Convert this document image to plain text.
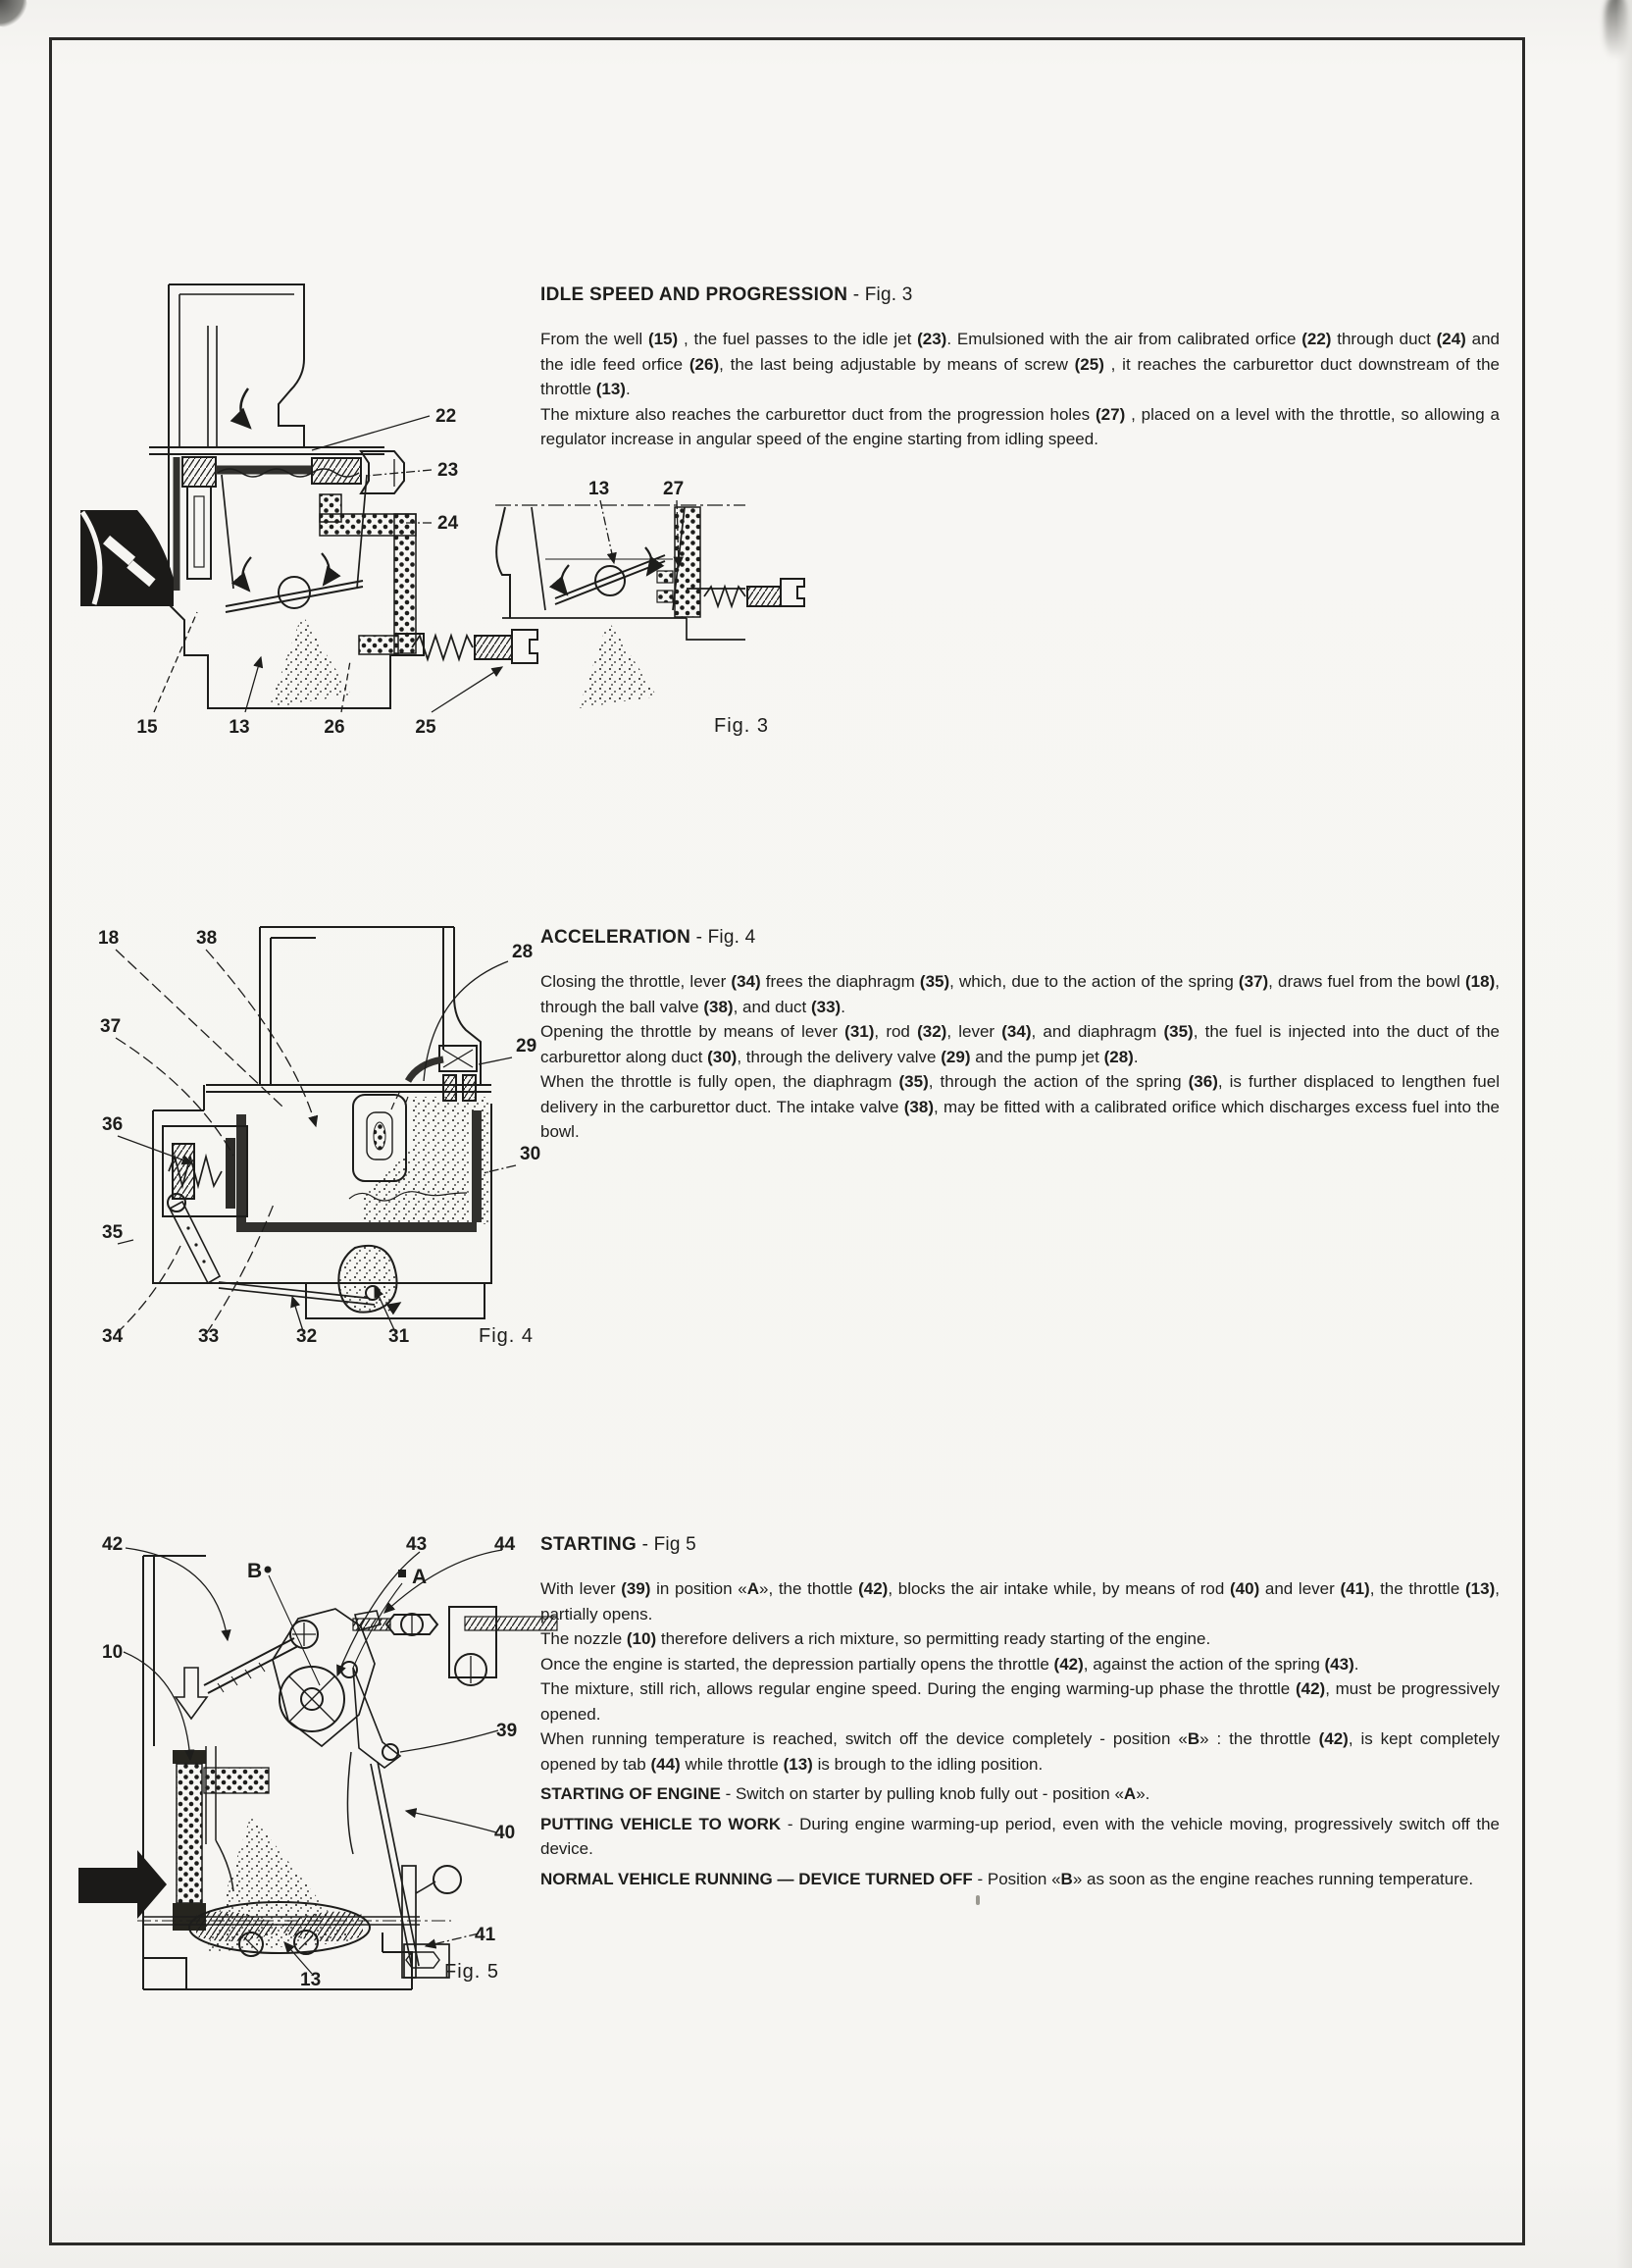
22
23
24
15	13	26	25
13	27
Fig. 3
18	38
28
37
29
36
30
35
34	33	32	31	Fig. 4
B	A
42	43	44
10
39
40
41
13	Fig. 5
IDLE SPEED AND PROGRESSION - Fig. 3

From the well (15) , the fuel passes to the idle jet (23). Emulsioned with the air from calibrated orfice (22) through duct (24) and the idle feed orfice (26), the last being adjustable by means of screw (25) , it reaches the carburettor duct downstream of the throttle (13).

The mixture also reaches the carburettor duct from the progression holes (27) , placed on a level with the throttle, so allowing a regulator increase in angular speed of the engine starting from idling speed.

ACCELERATION - Fig. 4

Closing the throttle, lever (34) frees the diaphragm (35), which, due to the action of the spring (37), draws fuel from the bowl (18), through the ball valve (38), and duct (33).

Opening the throttle by means of lever (31), rod (32), lever (34), and diaphragm (35), the fuel is injected into the duct of the carburettor along duct (30), through the delivery valve (29) and the pump jet (28).

When the throttle is fully open, the diaphragm (35), through the action of the spring (36), is further displaced to lengthen fuel delivery in the carburettor duct. The intake valve (38), may be fitted with a calibrated orifice which discharges excess fuel into the bowl.

STARTING - Fig 5

With lever (39) in position «A», the thottle (42), blocks the air intake while, by means of rod (40) and lever (41), the throttle (13), partially opens.

The nozzle (10) therefore delivers a rich mixture, so permitting ready starting of the engine.

Once the engine is started, the depression partially opens the throttle (42), against the action of the spring (43).

The mixture, still rich, allows regular engine speed. During the enging warming-up phase the throttle (42), must be progressively opened.

When running temperature is reached, switch off the device completely - position «B» : the throttle (42), is kept completely opened by tab (44) while throttle (13) is brough to the idling position.

STARTING OF ENGINE - Switch on starter by pulling knob fully out - position «A».

PUTTING VEHICLE TO WORK - During engine warming-up period, even with the vehicle moving, progressively switch off the device.

NORMAL VEHICLE RUNNING — DEVICE TURNED OFF - Position «B» as soon as the engine reaches running temperature.
